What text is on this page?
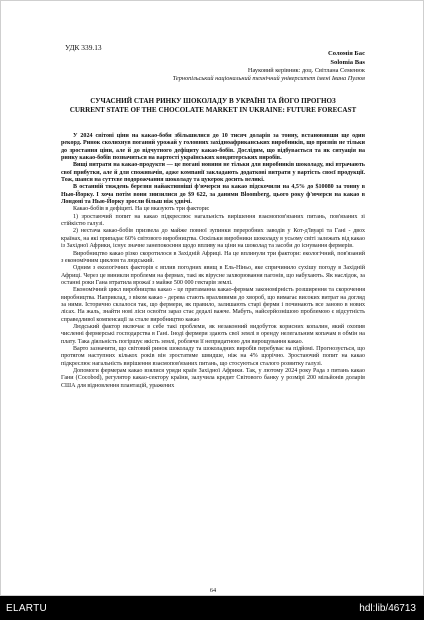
УДК 339.13
Соломія Бас
Solomia Bas
Науковий керівник: доц. Світлана Семенюк
Тернопільський національний технічний університет імені Івана Пулюя
СУЧАСНИЙ СТАН РИНКУ ШОКОЛАДУ В УКРАЇНІ ТА ЙОГО ПРОГНОЗ
CURRENT STATE OF THE CHOCOLATE MARKET IN UKRAINE: FUTURE FORECAST

У 2024 світові ціни на какао-боби збільшилися до 10 тисяч доларів за тонну, встановивши ще один рекорд. Ринок сколихнув поганий урожай у головних західноафриканських виробників, що призвів не тільки до зростання ціни, але й до відчутного дефіциту какао-бобів. Дослідим, що відбувається та як ситуація на ринку какао-бобів позначиться на вартості українських кондитерських виробів.

Вищі витрати на какао-продукти — це погані новини не тільки для виробників шоколаду, які втрачають свої прибутки, але й для споживачів, адже компанії закладають додаткові витрати у вартість своєї продукції. Тож, шанси на суттєве подорожчання шоколаду та цукерок досить великі.

В останній тиждень березня найактивніші ф'ючерси на какао підскочили на 4,5% до $10080 за тонну в Нью-Йорку. І хоча потім вони знизилися до $9 622, за даними Bloomberg, цього року ф'ючерси на какао в Лондоні та Нью-Йорку зросли більш ніж удвічі.

Какао-бобів в дефіциті. На це вказують три фактори:

1) зростаючий попит на какао підкреслює нагальність вирішення взаємопов'язаних питань, пов'язаних зі стійкістю галузі.

2) нестача какао-бобів призвела до майже повної зупинки переробних заводів у Кот-д'Івуарі та Гані - двох країнах, на які припадає 60% світового виробництва. Оскільки виробники шоколаду в усьому світі залежать від какао із Західної Африки, існує значне занепокоєння щодо впливу на ціни на шоколад та засоби до існування фермерів.

Виробництво какао різко скоротилося в Західній Африці. На це вплинули три фактори: екологічний, пов'язаний з економічним циклом та людський.

Одним з екологічних факторів є вплив погодних явищ в Ель-Ніньо, яке спричинило сухішу погоду в Західній Африці. Через це виникли проблеми на фермах, такі як вірусне захворювання пагонів, що набухають. Як наслідок, за останні роки Гана втратила врожаї з майже 500 000 гектарів землі.

Економічний цикл виробництва какао - це притаманна какао-фермам закономірність розширення та скорочення виробництва. Наприклад, з віком какао - дерева стають вразливими до хвороб, що вимагає високих витрат на догляд за ними. Історично склалося так, що фермери, як правило, залишають старі ферми і починають все заново в нових лісах. На жаль, знайти нові ліси освоїти зараз стає дедалі важче. Мабуть, найсерйознішою проблемою є відсутність справедливої компенсації за стале виробництво какао

Людський фактор включає в себе такі проблеми, як незаконний видобуток корисних копалин, який охопив численні фермерські господарства в Гані. Іноді фермери здають свої землі в оренду нелегальним копачам в обмін на плату. Така діяльність погіршує якість землі, роблячи її непридатною для вирощування какао.

Варто зазначити, що світовий ринок шоколаду та шоколадних виробів перебуває на підйомі. Прогнозується, що протягом наступних кількох років він зростатиме швидше, ніж на 4% щорічно. Зростаючий попит на какао підкреслює нагальність вирішення взаємопов'язаних питань, що стосуються сталого розвитку галузі.

Допомоги фермерам какао взялися уряди країн Західної Африки. Так, у лютому 2024 року Рада з питань какао Гани (Cocobod), регулятор какао-сектору країни, залучила кредит Світового банку у розмірі 200 мільйонів доларів США для відновлення плантацій, уражених

64
ELARTU	hdl:lib/46713
